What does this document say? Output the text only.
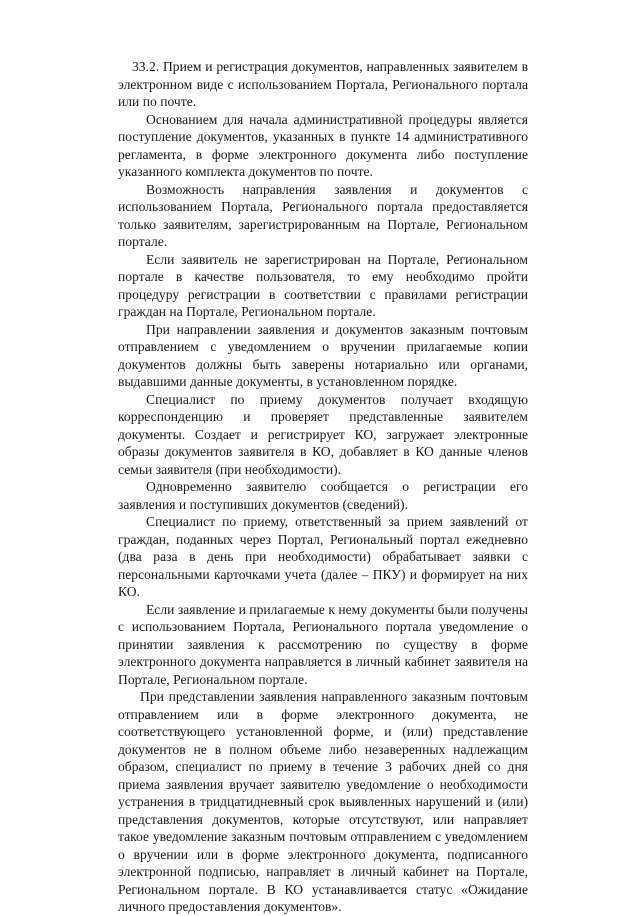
33.2. Прием и регистрация документов, направленных заявителем в электронном виде с использованием Портала, Регионального портала или по почте.

Основанием для начала административной процедуры является поступление документов, указанных в пункте 14 административного регламента, в форме электронного документа либо поступление указанного комплекта документов по почте.

Возможность направления заявления и документов с использованием Портала, Регионального портала предоставляется только заявителям, зарегистрированным на Портале, Региональном портале.

Если заявитель не зарегистрирован на Портале, Региональном портале в качестве пользователя, то ему необходимо пройти процедуру регистрации в соответствии с правилами регистрации граждан на Портале, Региональном портале.

При направлении заявления и документов заказным почтовым отправлением с уведомлением о вручении прилагаемые копии документов должны быть заверены нотариально или органами, выдавшими данные документы, в установленном порядке.

Специалист по приему документов получает входящую корреспонденцию и проверяет представленные заявителем документы. Создает и регистрирует КО, загружает электронные образы документов заявителя в КО, добавляет в КО данные членов семьи заявителя (при необходимости).

Одновременно заявителю сообщается о регистрации его заявления и поступивших документов (сведений).

Специалист по приему, ответственный за прием заявлений от граждан, поданных через Портал, Региональный портал ежедневно (два раза в день при необходимости) обрабатывает заявки с персональными карточками учета (далее – ПКУ) и формирует на них КО.

Если заявление и прилагаемые к нему документы были получены с использованием Портала, Регионального портала уведомление о принятии заявления к рассмотрению по существу в форме электронного документа направляется в личный кабинет заявителя на Портале, Региональном портале.

При представлении заявления направленного заказным почтовым отправлением или в форме электронного документа, не соответствующего установленной форме, и (или) представление документов не в полном объеме либо незаверенных надлежащим образом, специалист по приему в течение 3 рабочих дней со дня приема заявления вручает заявителю уведомление о необходимости устранения в тридцатидневный срок выявленных нарушений и (или) представления документов, которые отсутствуют, или направляет такое уведомление заказным почтовым отправлением с уведомлением о вручении или в форме электронного документа, подписанного электронной подписью, направляет в личный кабинет на Портале, Региональном портале. В КО устанавливается статус «Ожидание личного предоставления документов».
